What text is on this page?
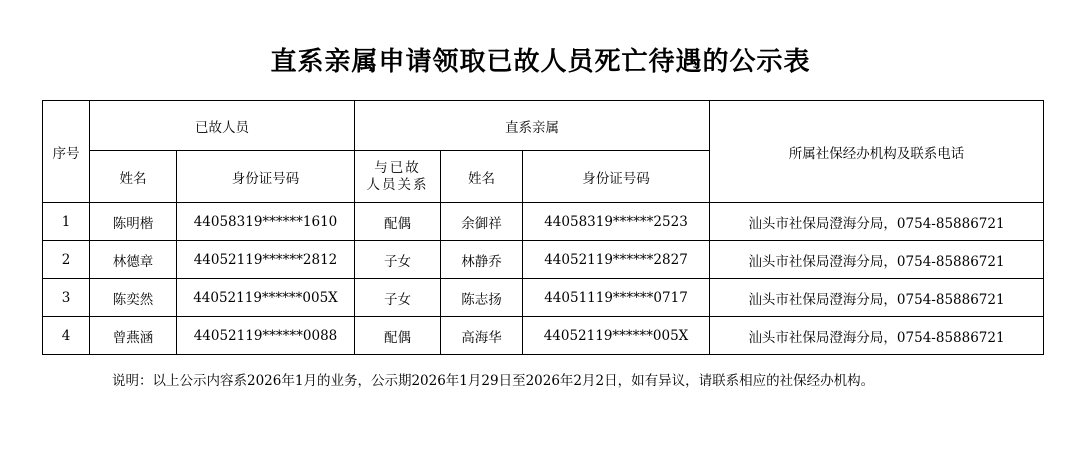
直系亲属申请领取已故人员死亡待遇的公示表
序号	已故人员		直系亲属			所属社保经办机构及联系电话
	姓名	身份证号码	与已故
人员关系	姓名	身份证号码	
1	陈明楷	44058319******1610	配偶	余御祥	44058319******2523	汕头市社保局澄海分局，0754-85886721
2	林德章	44052119******2812	子女	林静乔	44052119******2827	汕头市社保局澄海分局，0754-85886721
3	陈奕然	44052119******005X	子女	陈志扬	44051119******0717	汕头市社保局澄海分局，0754-85886721
4	曾燕涵	44052119******0088	配偶	高海华	44052119******005X	汕头市社保局澄海分局，0754-85886721
说明：以上公示内容系2026年1月的业务，公示期2026年1月29日至2026年2月2日，如有异议，请联系相应的社保经办机构。
